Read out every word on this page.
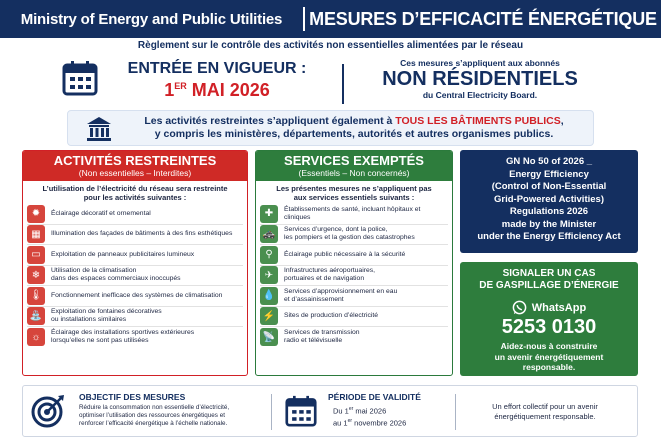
Ministry of Energy and Public Utilities	MESURES D’EFFICACITÉ ÉNERGÉTIQUE
Règlement sur le contrôle des activités non essentielles alimentées par le réseau
ENTRÉE EN VIGUEUR :
1ER MAI 2026
Ces mesures s’appliquent aux abonnés
NON RÉSIDENTIELS
du Central Electricity Board.
Les activités restreintes s’appliquent également à TOUS LES BÂTIMENTS PUBLICS,
y compris les ministères, départements, autorités et autres organismes publics.
ACTIVITÉS RESTREINTES
(Non essentielles – Interdites)
L’utilisation de l’électricité du réseau sera restreinte
pour les activités suivantes :
✹	Éclairage décoratif et ornemental
▦	Illumination des façades de bâtiments à des fins esthétiques
▭	Exploitation de panneaux publicitaires lumineux
❄	Utilisation de la climatisation
dans des espaces commerciaux inoccupés
🌡	Fonctionnement inefficace des systèmes de climatisation
⛲	Exploitation de fontaines décoratives
ou installations similaires
☼	Éclairage des installations sportives extérieures
lorsqu’elles ne sont pas utilisées
SERVICES EXEMPTÉS
(Essentiels – Non concernés)
Les présentes mesures ne s’appliquent pas
aux services essentiels suivants :
✚	Établissements de santé, incluant hôpitaux et cliniques
🚓	Services d’urgence, dont la police,
les pompiers et la gestion des catastrophes
⚲	Éclairage public nécessaire à la sécurité
✈	Infrastructures aéroportuaires,
portuaires et de navigation
💧	Services d’approvisionnement en eau
et d’assainissement
⚡	Sites de production d’électricité
📡	Services de transmission
radio et télévisuelle
GN No 50 of 2026 _
Energy Efficiency
(Control of Non-Essential
Grid-Powered Activities)
Regulations 2026
made by the Minister
under the Energy Efficiency Act
SIGNALER UN CAS
DE GASPILLAGE D’ÉNERGIE
WhatsApp
5253 0130
Aidez-nous à construire
un avenir énergétiquement
responsable.
OBJECTIF DES MESURES
Réduire la consommation non essentielle d’électricité,
optimiser l’utilisation des ressources énergétiques et
renforcer l’efficacité énergétique à l’échelle nationale.
PÉRIODE DE VALIDITÉ
Du 1er mai 2026
au 1er novembre 2026
Un effort collectif pour un avenir
énergétiquement responsable.
